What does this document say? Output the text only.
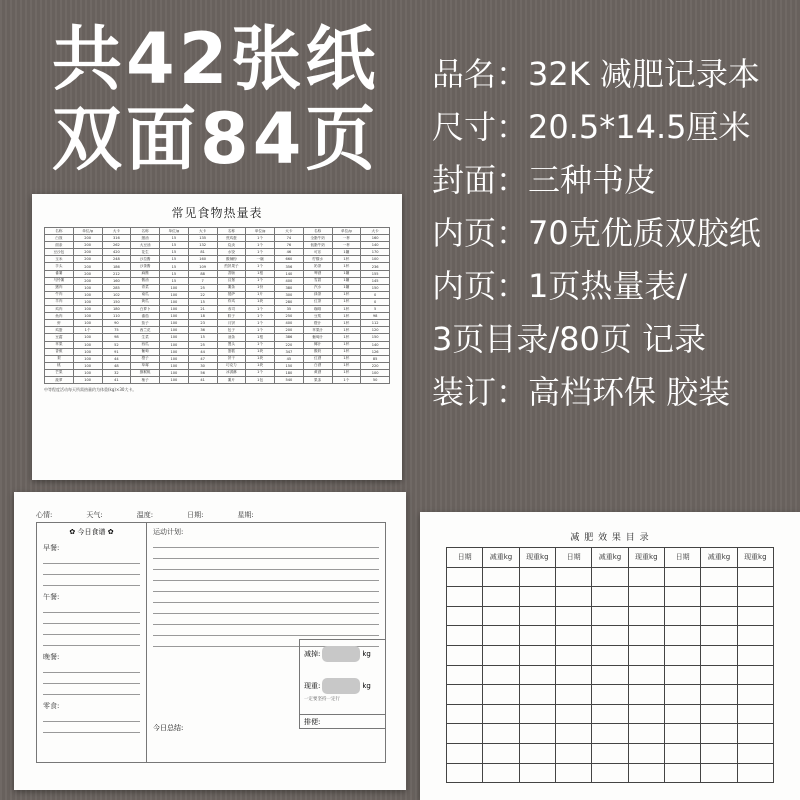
共42张纸
双面84页
品名：32K 减肥记录本
尺寸：20.5*14.5厘米
封面：三种书皮
内页：70克优质双胶纸
内页：1页热量表/
3页目录/80页 记录
装订：高档环保 胶装
常见食物热量表
名称	单位/g	大卡	名称	单位/g	大卡	名称	单位/g	大卡	名称	单位/g	大卡
白饭	200	316	猪油	15	135	煎鸡蛋	1个	74	全脂牛奶	一杯	160
面条	200	262	大豆油	15	132	烧卖	1个	76	低脂牛奶	一杯	140
豆沙包	200	420	花生	15	81	水饺	1个	46	可乐	1罐	170
玉米	200	248	沙拉酱	15	160	酸辣粉	一碗	660	柠檬水	1杯	100
芋头	200	186	沙茶酱	15	109	煎饼果子	1个	356	奶茶	1杯	236
番薯	200	212	麻酱	15	88	香肠	1根	140	啤酒	1罐	155
马铃薯	200	160	酱油	15	7	汉堡	1个	400	雪碧	1罐	145
猪肉	100	285	青菜	100	25	薯条	1份	380	汽水	1罐	150
牛肉	100	102	南瓜	100	22	披萨	1片	300	绿茶	1杯	0
羊肉	100	150	黄瓜	100	15	炸鸡	1块	280	红茶	1杯	0
鸡肉	100	180	白萝卜	100	21	寿司	1个	35	咖啡	1杯	5
鱼肉	100	110	番茄	100	18	粽子	1个	250	豆浆	1杯	98
虾	100	90	茄子	100	23	月饼	1个	400	橙汁	1杯	112
鸡蛋	1个	75	西兰花	100	36	包子	1个	200	苹果汁	1杯	120
豆腐	100	98	生菜	100	15	油条	1根	386	葡萄汁	1杯	150
苹果	100	52	西瓜	100	25	馒头	1个	220	椰汁	1杯	140
香蕉	100	91	葡萄	100	44	蛋糕	1块	347	酸奶	1杯	126
梨	100	44	橙子	100	47	饼干	1块	45	红酒	1杯	85
桃	100	48	草莓	100	30	巧克力	1块	150	白酒	1杯	220
芒果	100	32	猕猴桃	100	56	冰淇淋	1个	180	黄酒	1杯	100
菠萝	100	41	柚子	100	41	薯片	1包	540	果冻	1个	50
中等程度活动每天所需热量约为体重(kg)×30大卡。
心情:	天气:	温度:	日期:	星期:
✿ 今日食谱 ✿
早餐:
午餐:
晚餐:
零食:
运动计划:
减掉:	kg
现重:	kg
一定要坚持一定行
排便:
今日总结:
减 肥 效 果 目 录
日期	减重kg	现重kg	日期	减重kg	现重kg	日期	减重kg	现重kg
